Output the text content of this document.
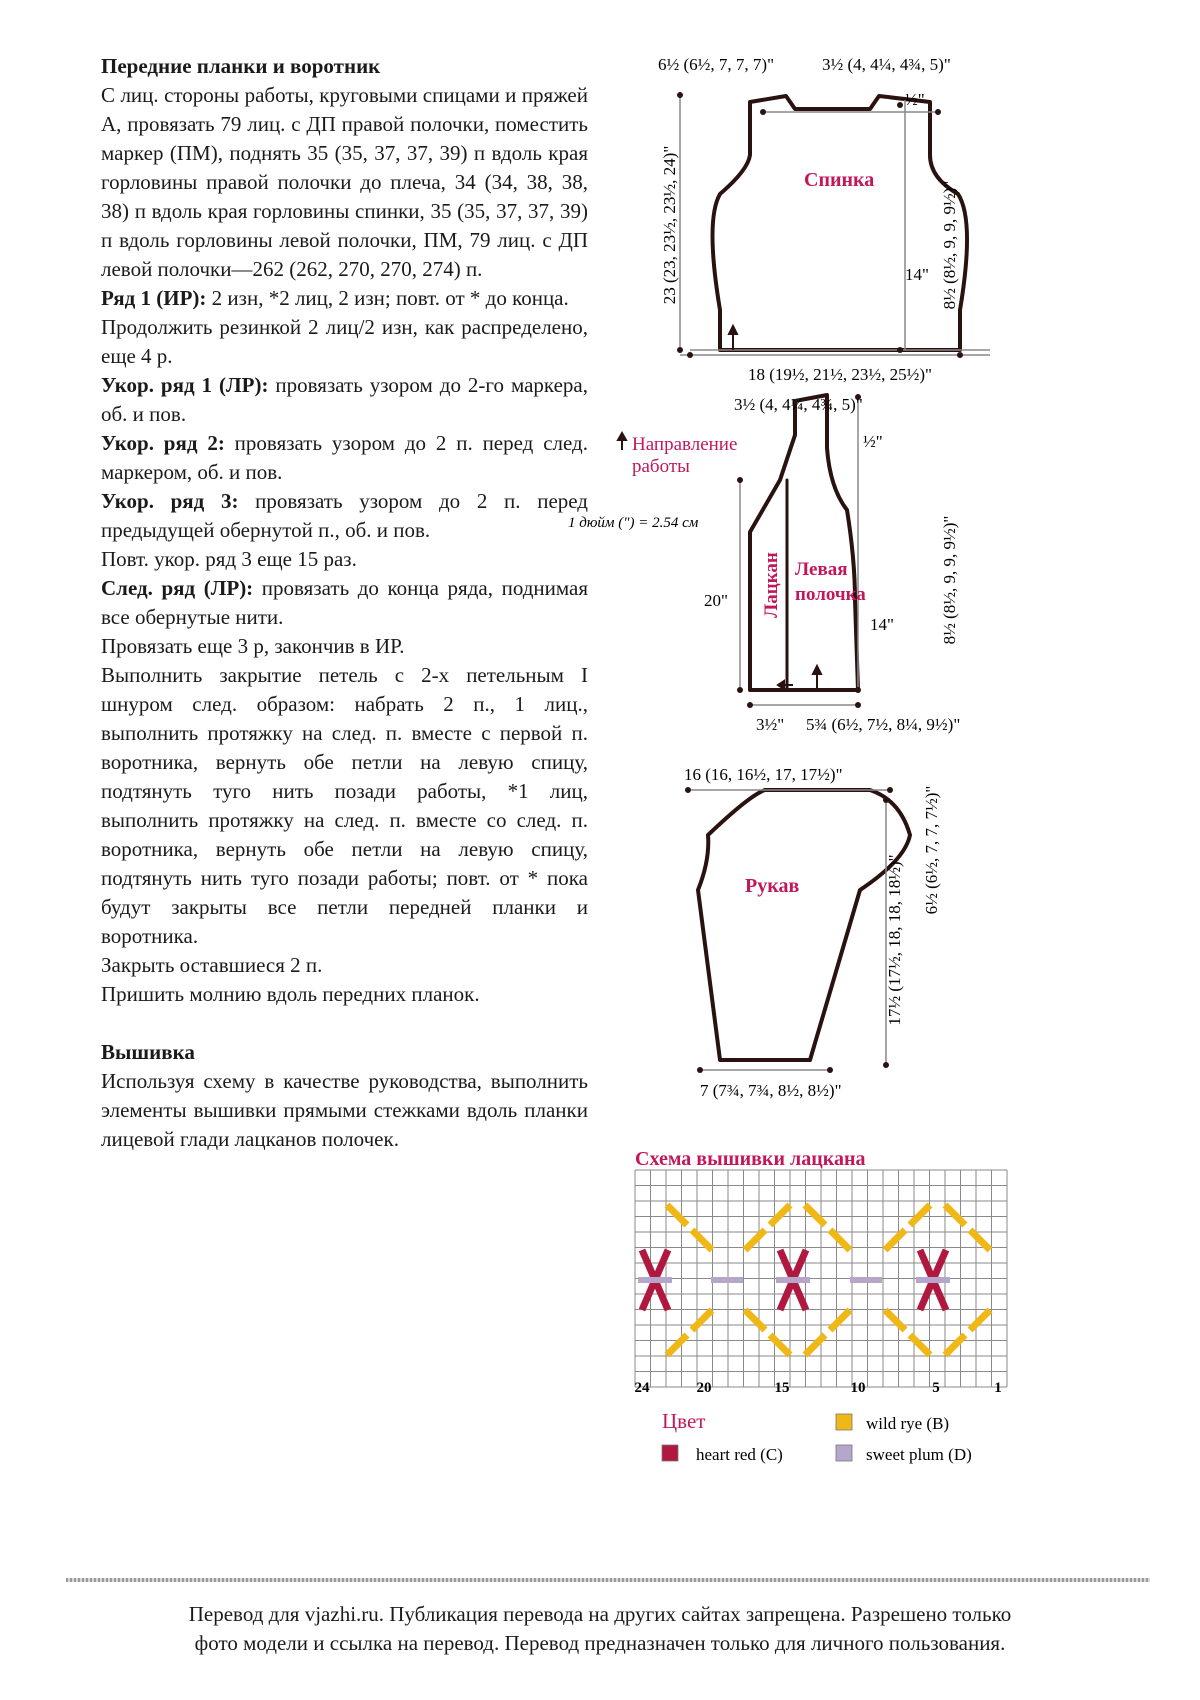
Передние планки и воротник

С лиц. стороны работы, круговыми спицами и пряжей А, провязать 79 лиц. с ДП правой полочки, поместить маркер (ПМ), поднять 35 (35, 37, 37, 39) п вдоль края горловины правой полочки до плеча, 34 (34, 38, 38, 38) п вдоль края горловины спинки, 35 (35, 37, 37, 39) п вдоль горловины левой полочки, ПМ, 79 лиц. с ДП левой полочки—262 (262, 270, 270, 274) п.

Ряд 1 (ИР): 2 изн, *2 лиц, 2 изн; повт. от * до конца.

Продолжить резинкой 2 лиц/2 изн, как распределено, еще 4 р.

Укор. ряд 1 (ЛР): провязать узором до 2-го маркера, об. и пов.

Укор. ряд 2: провязать узором до 2 п. перед след. маркером, об. и пов.

Укор. ряд 3: провязать узором до 2 п. перед предыдущей обернутой п., об. и пов.

Повт. укор. ряд 3 еще 15 раз.

След. ряд (ЛР): провязать до конца ряда, поднимая все обернутые нити.

Провязать еще 3 р, закончив в ИР.

Выполнить закрытие петель с 2-х петельным I шнуром след. образом: набрать 2 п., 1 лиц., выполнить протяжку на след. п. вместе с первой п. воротника, вернуть обе петли на левую спицу, подтянуть туго нить позади работы, *1 лиц, выполнить протяжку на след. п. вместе со след. п. воротника, вернуть обе петли на левую спицу, подтянуть нить туго позади работы; повт. от * пока будут закрыты все петли передней планки и воротника.

Закрыть оставшиеся 2 п.

Пришить молнию вдоль передних планок.

Вышивка

Используя схему в качестве руководства, выполнить элементы вышивки прямыми стежками вдоль планки лицевой глади лацканов полочек.

6½ (6½, 7, 7, 7)"	3½ (4, 4¼, 4¾, 5)"
½"
8½ (8½, 9, 9, 9½)"
14"
23 (23, 23½, 23½, 24)"
18 (19½, 21½, 23½, 25½)"
Спинка
3½ (4, 4¼, 4¾, 5)"
½"
8½ (8½, 9, 9, 9½)"
14"
20"
3½" 5¾ (6½, 7½, 8¼, 9½)"
Левая
полочка
Лацкан
Направление
работы
1 дюйм (") = 2.54 см
16 (16, 16½, 17, 17½)"
6½ (6½, 7, 7, 7½)"
17½ (17½, 18, 18, 18½)"
7 (7¾, 7¾, 8½, 8½)"
Рукав
Схема вышивки лацкана
24	20	15	10	5	1
Цвет	wild rye (B)
heart red (C)	sweet plum (D)
Перевод для vjazhi.ru. Публикация перевода на других сайтах запрещена. Разрешено только
фото модели и ссылка на перевод. Перевод предназначен только для личного пользования.
